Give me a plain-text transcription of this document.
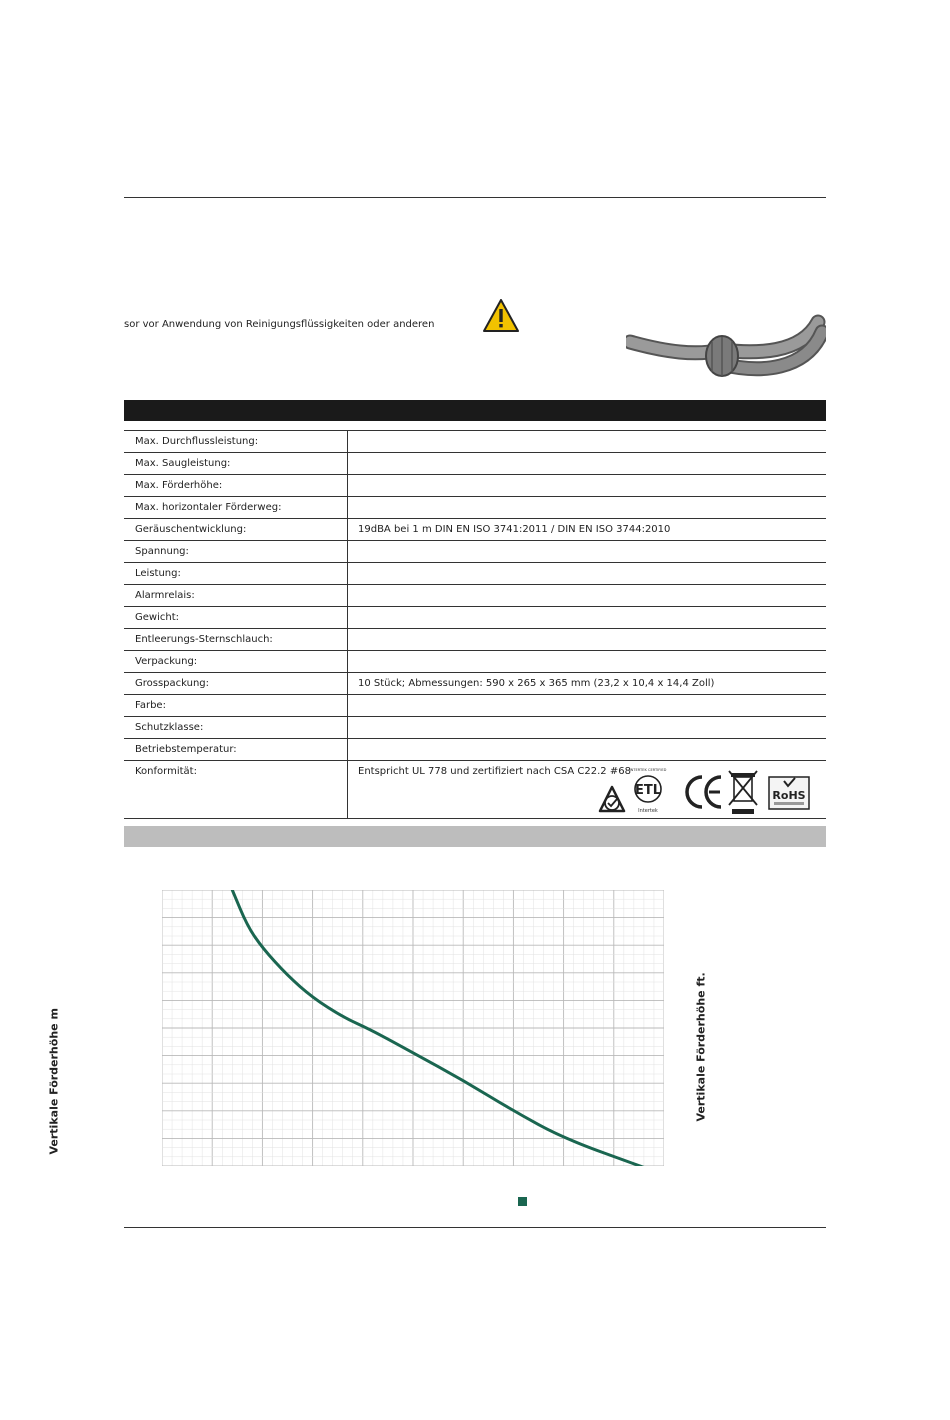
sor vor Anwendung von Reinigungsflüssigkeiten oder anderen
Max. Durchflussleistung:
Max. Saugleistung:
Max. Förderhöhe:
Max. horizontaler Förderweg:
Geräuschentwicklung:	19dBA bei 1 m DIN EN ISO 3741:2011 / DIN EN ISO 3744:2010
Spannung:
Leistung:
Alarmrelais:
Gewicht:
Entleerungs-Sternschlauch:
Verpackung:
Grosspackung:	10 Stück; Abmessungen: 590 x 265 x 365 mm (23,2 x 10,4 x 14,4 Zoll)
Farbe:
Schutzklasse:
Betriebstemperatur:
Konformität:	Entspricht UL 778 und zertifiziert nach CSA C22.2 #68
INTERTEK CERTIFIED
ETL
Intertek
RoHS
Vertikale Förderhöhe m	Vertikale Förderhöhe ft.
